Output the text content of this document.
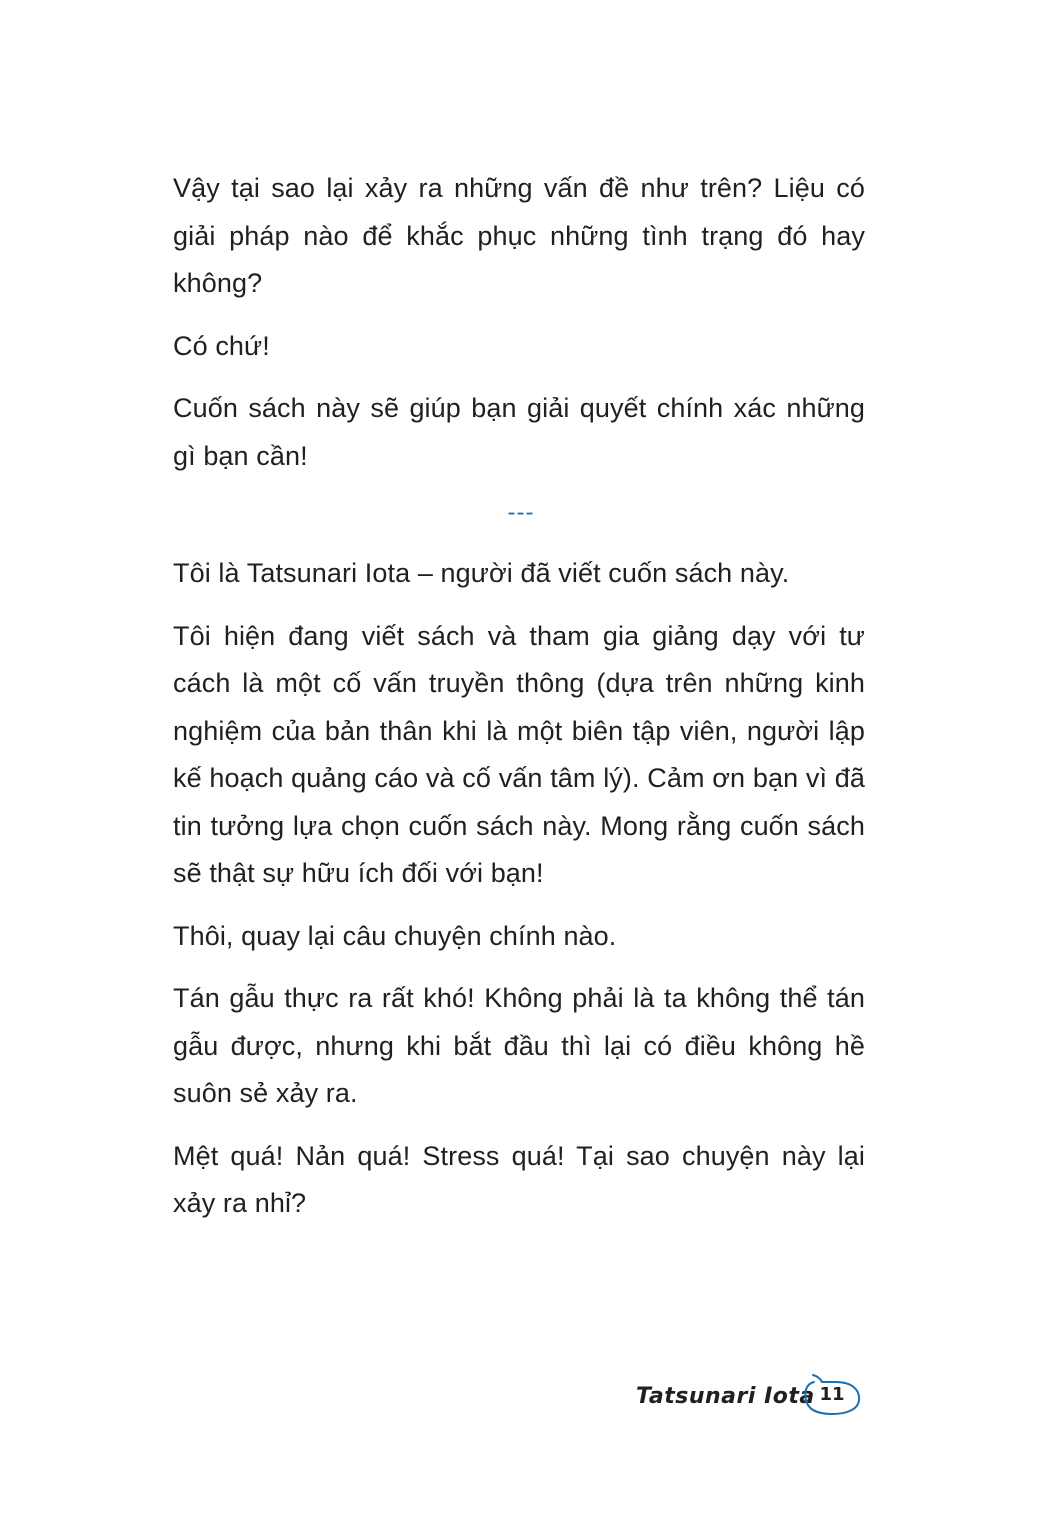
Vậy tại sao lại xảy ra những vấn đề như trên? Liệu có giải pháp nào để khắc phục những tình trạng đó hay không?

Có chứ!

Cuốn sách này sẽ giúp bạn giải quyết chính xác những gì bạn cần!

---

Tôi là Tatsunari Iota – người đã viết cuốn sách này.

Tôi hiện đang viết sách và tham gia giảng dạy với tư cách là một cố vấn truyền thông (dựa trên những kinh nghiệm của bản thân khi là một biên tập viên, người lập kế hoạch quảng cáo và cố vấn tâm lý). Cảm ơn bạn vì đã tin tưởng lựa chọn cuốn sách này. Mong rằng cuốn sách sẽ thật sự hữu ích đối với bạn!

Thôi, quay lại câu chuyện chính nào.

Tán gẫu thực ra rất khó! Không phải là ta không thể tán gẫu được, nhưng khi bắt đầu thì lại có điều không hề suôn sẻ xảy ra.

Mệt quá! Nản quá! Stress quá! Tại sao chuyện này lại xảy ra nhỉ?

Tatsunari Iota 11
